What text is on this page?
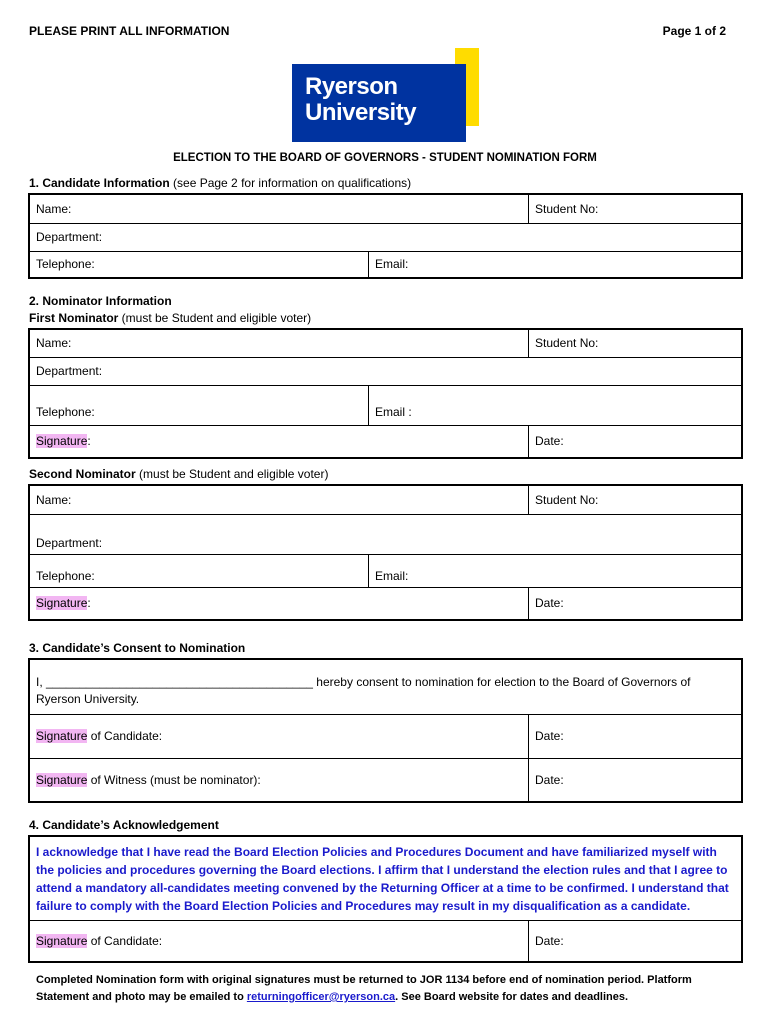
PLEASE PRINT ALL INFORMATION	Page 1 of 2
Ryerson
University
ELECTION TO THE BOARD OF GOVERNORS - STUDENT NOMINATION FORM
1. Candidate Information (see Page 2 for information on qualifications)
Name:		Student No:
Department:		
Telephone:	Email:	
2. Nominator Information
First Nominator (must be Student and eligible voter)
Name:		Student No:
Department:		
Telephone:	Email :	
Signature:		Date:
Second Nominator (must be Student and eligible voter)
Name:		Student No:
Department:		
Telephone:	Email:	
Signature:		Date:
3. Candidate’s Consent to Nomination
I, ________________________________________ hereby consent to nomination for election to the Board of Governors of Ryerson University.	
Signature of Candidate:	Date:
Signature of Witness (must be nominator):	Date:
4. Candidate’s Acknowledgement
I acknowledge that I have read the Board Election Policies and Procedures Document and have familiarized myself with the policies and procedures governing the Board elections. I affirm that I understand the election rules and that I agree to attend a mandatory all-candidates meeting convened by the Returning Officer at a time to be confirmed. I understand that failure to comply with the Board Election Policies and Procedures may result in my disqualification as a candidate.

Signature of Candidate:	Date:
Completed Nomination form with original signatures must be returned to JOR 1134 before end of nomination period. Platform Statement and photo may be emailed to returningofficer@ryerson.ca. See Board website for dates and deadlines.
